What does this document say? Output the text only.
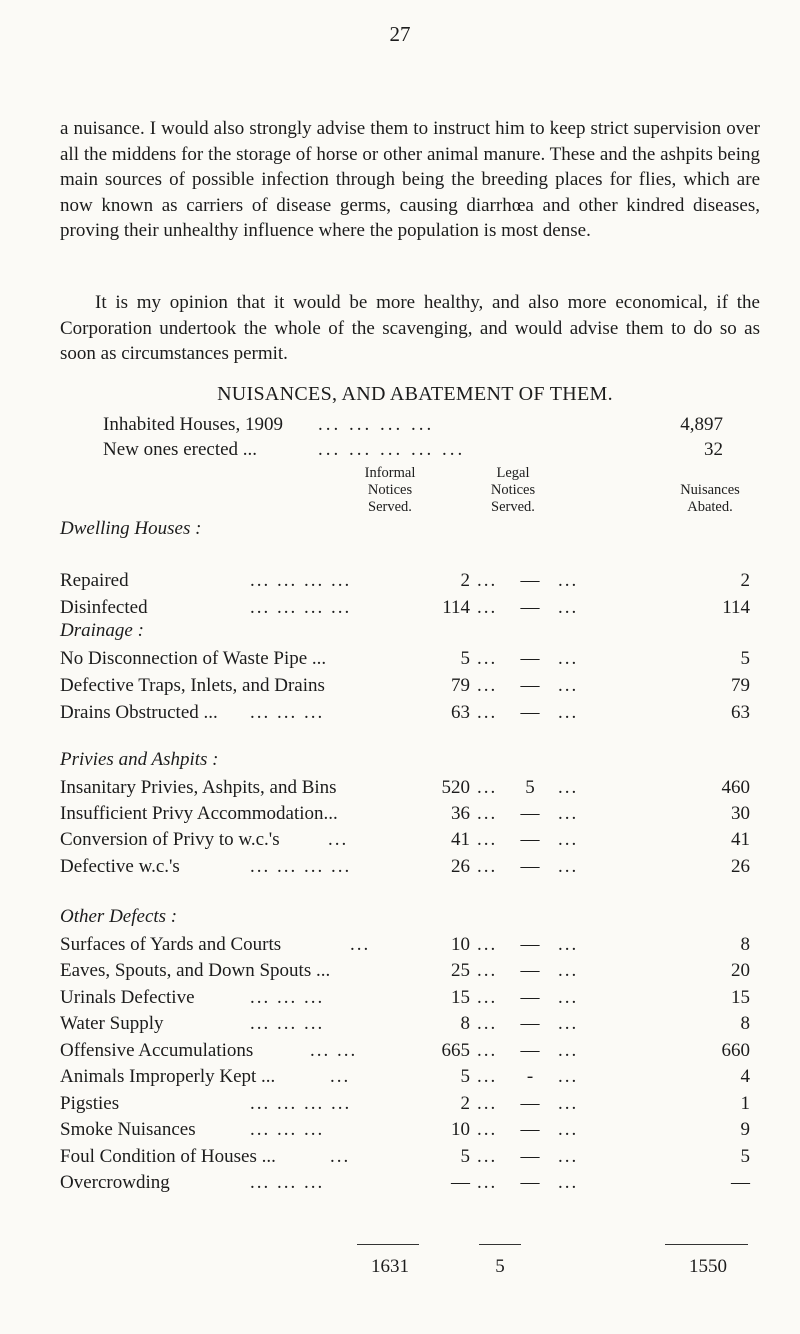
27

a nuisance. I would also strongly advise them to instruct him to keep strict supervision over all the middens for the storage of horse or other animal manure. These and the ashpits being main sources of possible infection through being the breeding places for flies, which are now known as carriers of disease germs, causing diarrhœa and other kindred diseases, proving their unhealthy influence where the population is most dense.

It is my opinion that it would be more healthy, and also more economical, if the Corporation undertook the whole of the scavenging, and would advise them to do so as soon as circumstances permit.

NUISANCES, AND ABATEMENT OF THEM.
Inhabited Houses, 1909 ... ... ... ...	4,897
New ones erected ...	... ... ... ... ...	32
Informal
Notices
Served.
Legal
Notices
Served.
Nuisances
Abated.
Dwelling Houses :
Drainage :
Privies and Ashpits :
Other Defects :
Repaired	... ... ... ...	2 ...	— ...	2
Disinfected	... ... ... ...	114 ...	— ...	114
No Disconnection of Waste Pipe ...	5 ...	— ...	5
Defective Traps, Inlets, and Drains	79 ...	— ...	79
Drains Obstructed ... ... ... ...	63 ...	— ...	63
Insanitary Privies, Ashpits, and Bins	520 ...	5	...	460
Insufficient Privy Accommodation...	36 ...	— ...	30
Conversion of Privy to w.c.'s	...	41 ...	— ...	41
Defective w.c.'s	... ... ... ...	26 ...	— ...	26
Surfaces of Yards and Courts	...	10 ...	— ...	8
Eaves, Spouts, and Down Spouts ...	25 ...	— ...	20
Urinals Defective	... ... ...	15 ...	— ...	15
Water Supply	... ... ...	8 ...	— ...	8
Offensive Accumulations	... ...	665 ...	— ...	660
Animals Improperly Kept ...	...	5 ...	-	...	4
Pigsties	... ... ... ...	2 ...	— ...	1
Smoke Nuisances	... ... ...	10 ...	— ...	9
Foul Condition of Houses ...	...	5 ...	— ...	5
Overcrowding	... ... ...	— ...	— ...	—
1631	5	1550
